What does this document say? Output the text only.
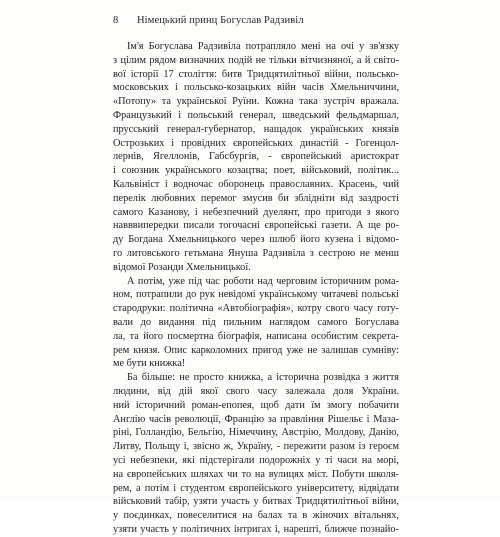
8 Німецький принц Богуслав Радзивіл
Ім'я Богуслава Радзивіла потрапляло мені на очі у зв'язку
з цілим рядом визначних подій не тільки вітчизняної, а й світо-
вої історії 17 століття: битв Тридцятилітньої війни, польсько-
московських і польсько-козацьких війн часів Хмельниччини,
«Потопу» та української Руїни. Кожна така зустріч вражала.
Французький і польський генерал, шведський фельдмаршал,
прусський генерал-губернатор, нащадок українських князів
Острозьких і провідних європейських династій - Гогенцол-
лернів, Ягеллонів, Габсбургів, - європейський аристократ
і союзник українського козацтва; поет, військовий, політик...
Кальвініст і водночас оборонець православних. Красень, чий
перелік любовних перемог змусив би зблідніти від заздрості
самого Казанову, і небезпечний дуелянт, про пригоди з якого
навввипередки писали тогочасні європейські газети. А ще ро-
ду Богдана Хмельницького через шлюб його кузена і відомо-
го литовського гетьмана Януша Радзивіла з сестрою не менш
відомої Розанди Хмельницької.
А потім, уже під час роботи над черговим історичним рома-
ном, потрапили до рук невідомі українському читачеві польські
стародруки: політична «Автобіографія», котру свого часу готу-
вали до видання під пильним наглядом самого Богуслава
ла, та його посмертна біографія, написана особистим секрета-
рем князя. Опис карколомних пригод уже не залишав сумніву:
ме бути книжка!
Ба більше: не просто книжка, а історична розвідка з життя
людини, від дій якої свого часу залежала доля України.
ний історичний роман-епопея, щоб дати їм змогу побачити
Англію часів революції, Францію за правління Рішельє і Маза-
ріні, Голландію, Бельгію, Німеччину, Австрію, Молдову, Данію,
Литву, Польщу і, звісно ж, Україну, - пережити разом із героєм
усі небезпеки, які підстерігали подорожніх у ті часи на морі,
на європейських шляхах чи то на вулицях міст. Побути школя-
рем, а потім і студентом європейського університету, відвідати
військовий табір, узяти участь у битвах Тридцятилітньої війни,
у поєдинках, повеселитися на балах та в жіночих вітальнях,
узяти участь у політичних інтригах і, нарешті, ближче познайо-
